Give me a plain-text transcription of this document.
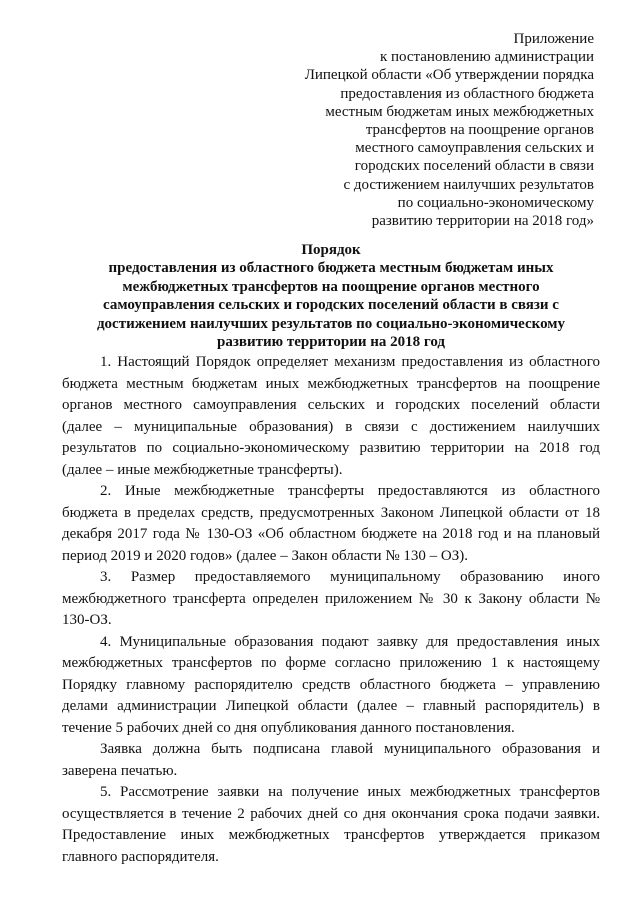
Приложение
к постановлению администрации
Липецкой области «Об утверждении порядка
предоставления из областного бюджета
местным бюджетам иных межбюджетных
трансфертов на поощрение органов
местного самоуправления сельских и
городских поселений области в связи
с достижением наилучших результатов
по социально-экономическому
развитию территории на 2018 год»
Порядок
предоставления из областного бюджета местным бюджетам иных
межбюджетных трансфертов на поощрение органов местного
самоуправления сельских и городских поселений области в связи с
достижением наилучших результатов по социально-экономическому
развитию территории на 2018 год
1. Настоящий Порядок определяет механизм предоставления из областного
бюджета местным бюджетам иных межбюджетных трансфертов на поощрение
органов местного самоуправления сельских и городских поселений области
(далее – муниципальные образования) в связи с достижением наилучших
результатов по социально-экономическому развитию территории на 2018 год
(далее – иные межбюджетные трансферты).
2. Иные межбюджетные трансферты предоставляются из областного
бюджета в пределах средств, предусмотренных Законом Липецкой области от 18
декабря 2017 года № 130-ОЗ «Об областном бюджете на 2018 год и на плановый
период 2019 и 2020 годов» (далее – Закон области № 130 – ОЗ).
3. Размер предоставляемого муниципальному образованию иного
межбюджетного трансферта определен приложением № 30 к Закону области №
130-ОЗ.
4. Муниципальные образования подают заявку для предоставления иных
межбюджетных трансфертов по форме согласно приложению 1 к настоящему
Порядку главному распорядителю средств областного бюджета – управлению
делами администрации Липецкой области (далее – главный распорядитель) в
течение 5 рабочих дней со дня опубликования данного постановления.
Заявка должна быть подписана главой муниципального образования и
заверена печатью.
5. Рассмотрение заявки на получение иных межбюджетных трансфертов
осуществляется в течение 2 рабочих дней со дня окончания срока подачи заявки.
Предоставление иных межбюджетных трансфертов утверждается приказом
главного распорядителя.
